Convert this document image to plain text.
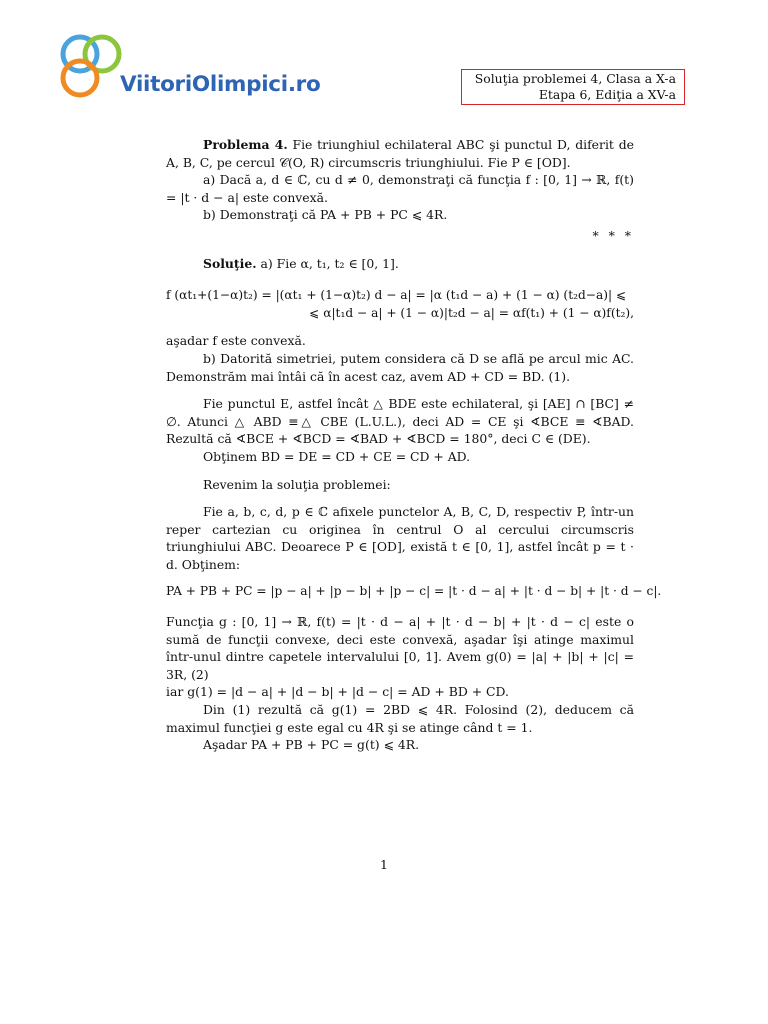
ViitoriOlimpici.ro	Soluţia problemei 4, Clasa a X-a
Etapa 6, Ediţia a XV-a

Problema 4. Fie triunghiul echilateral ABC şi punctul D, diferit de A, B, C, pe cercul 𝒞(O, R) circumscris triunghiului. Fie P ∈ [OD].

a) Dacă a, d ∈ ℂ, cu d ≠ 0, demonstraţi că funcţia f : [0, 1] → ℝ, f(t) = |t · d − a| este convexă.

b) Demonstraţi că PA + PB + PC ⩽ 4R.

* * *

Soluţie. a) Fie α, t₁, t₂ ∈ [0, 1].

f (αt₁+(1−α)t₂) = |(αt₁ + (1−α)t₂) d − a| = |α (t₁d − a) + (1 − α) (t₂d−a)| ⩽

⩽ α|t₁d − a| + (1 − α)|t₂d − a| = αf(t₁) + (1 − α)f(t₂),

aşadar f este convexă.

b) Datorită simetriei, putem considera că D se află pe arcul mic AC. Demonstrăm mai întâi că în acest caz, avem AD + CD = BD. (1).

Fie punctul E, astfel încât △ BDE este echilateral, şi [AE] ∩ [BC] ≠ ∅. Atunci △ ABD ≡△ CBE (L.U.L.), deci AD = CE şi ∢BCE ≡ ∢BAD. Rezultă că ∢BCE + ∢BCD = ∢BAD + ∢BCD = 180°, deci C ∈ (DE).

Obţinem BD = DE = CD + CE = CD + AD.

Revenim la soluţia problemei:

Fie a, b, c, d, p ∈ ℂ afixele punctelor A, B, C, D, respectiv P, într-un reper cartezian cu originea în centrul O al cercului circumscris triunghiului ABC. Deoarece P ∈ [OD], există t ∈ [0, 1], astfel încât p = t · d. Obţinem:

PA + PB + PC = |p − a| + |p − b| + |p − c| = |t · d − a| + |t · d − b| + |t · d − c|.

Funcţia g : [0, 1] → ℝ, f(t) = |t · d − a| + |t · d − b| + |t · d − c| este o sumă de funcţii convexe, deci este convexă, aşadar îşi atinge maximul într-unul dintre capetele intervalului [0, 1]. Avem g(0) = |a| + |b| + |c| = 3R, (2)

iar g(1) = |d − a| + |d − b| + |d − c| = AD + BD + CD.

Din (1) rezultă că g(1) = 2BD ⩽ 4R. Folosind (2), deducem că maximul funcţiei g este egal cu 4R şi se atinge când t = 1.

Aşadar PA + PB + PC = g(t) ⩽ 4R.

1
